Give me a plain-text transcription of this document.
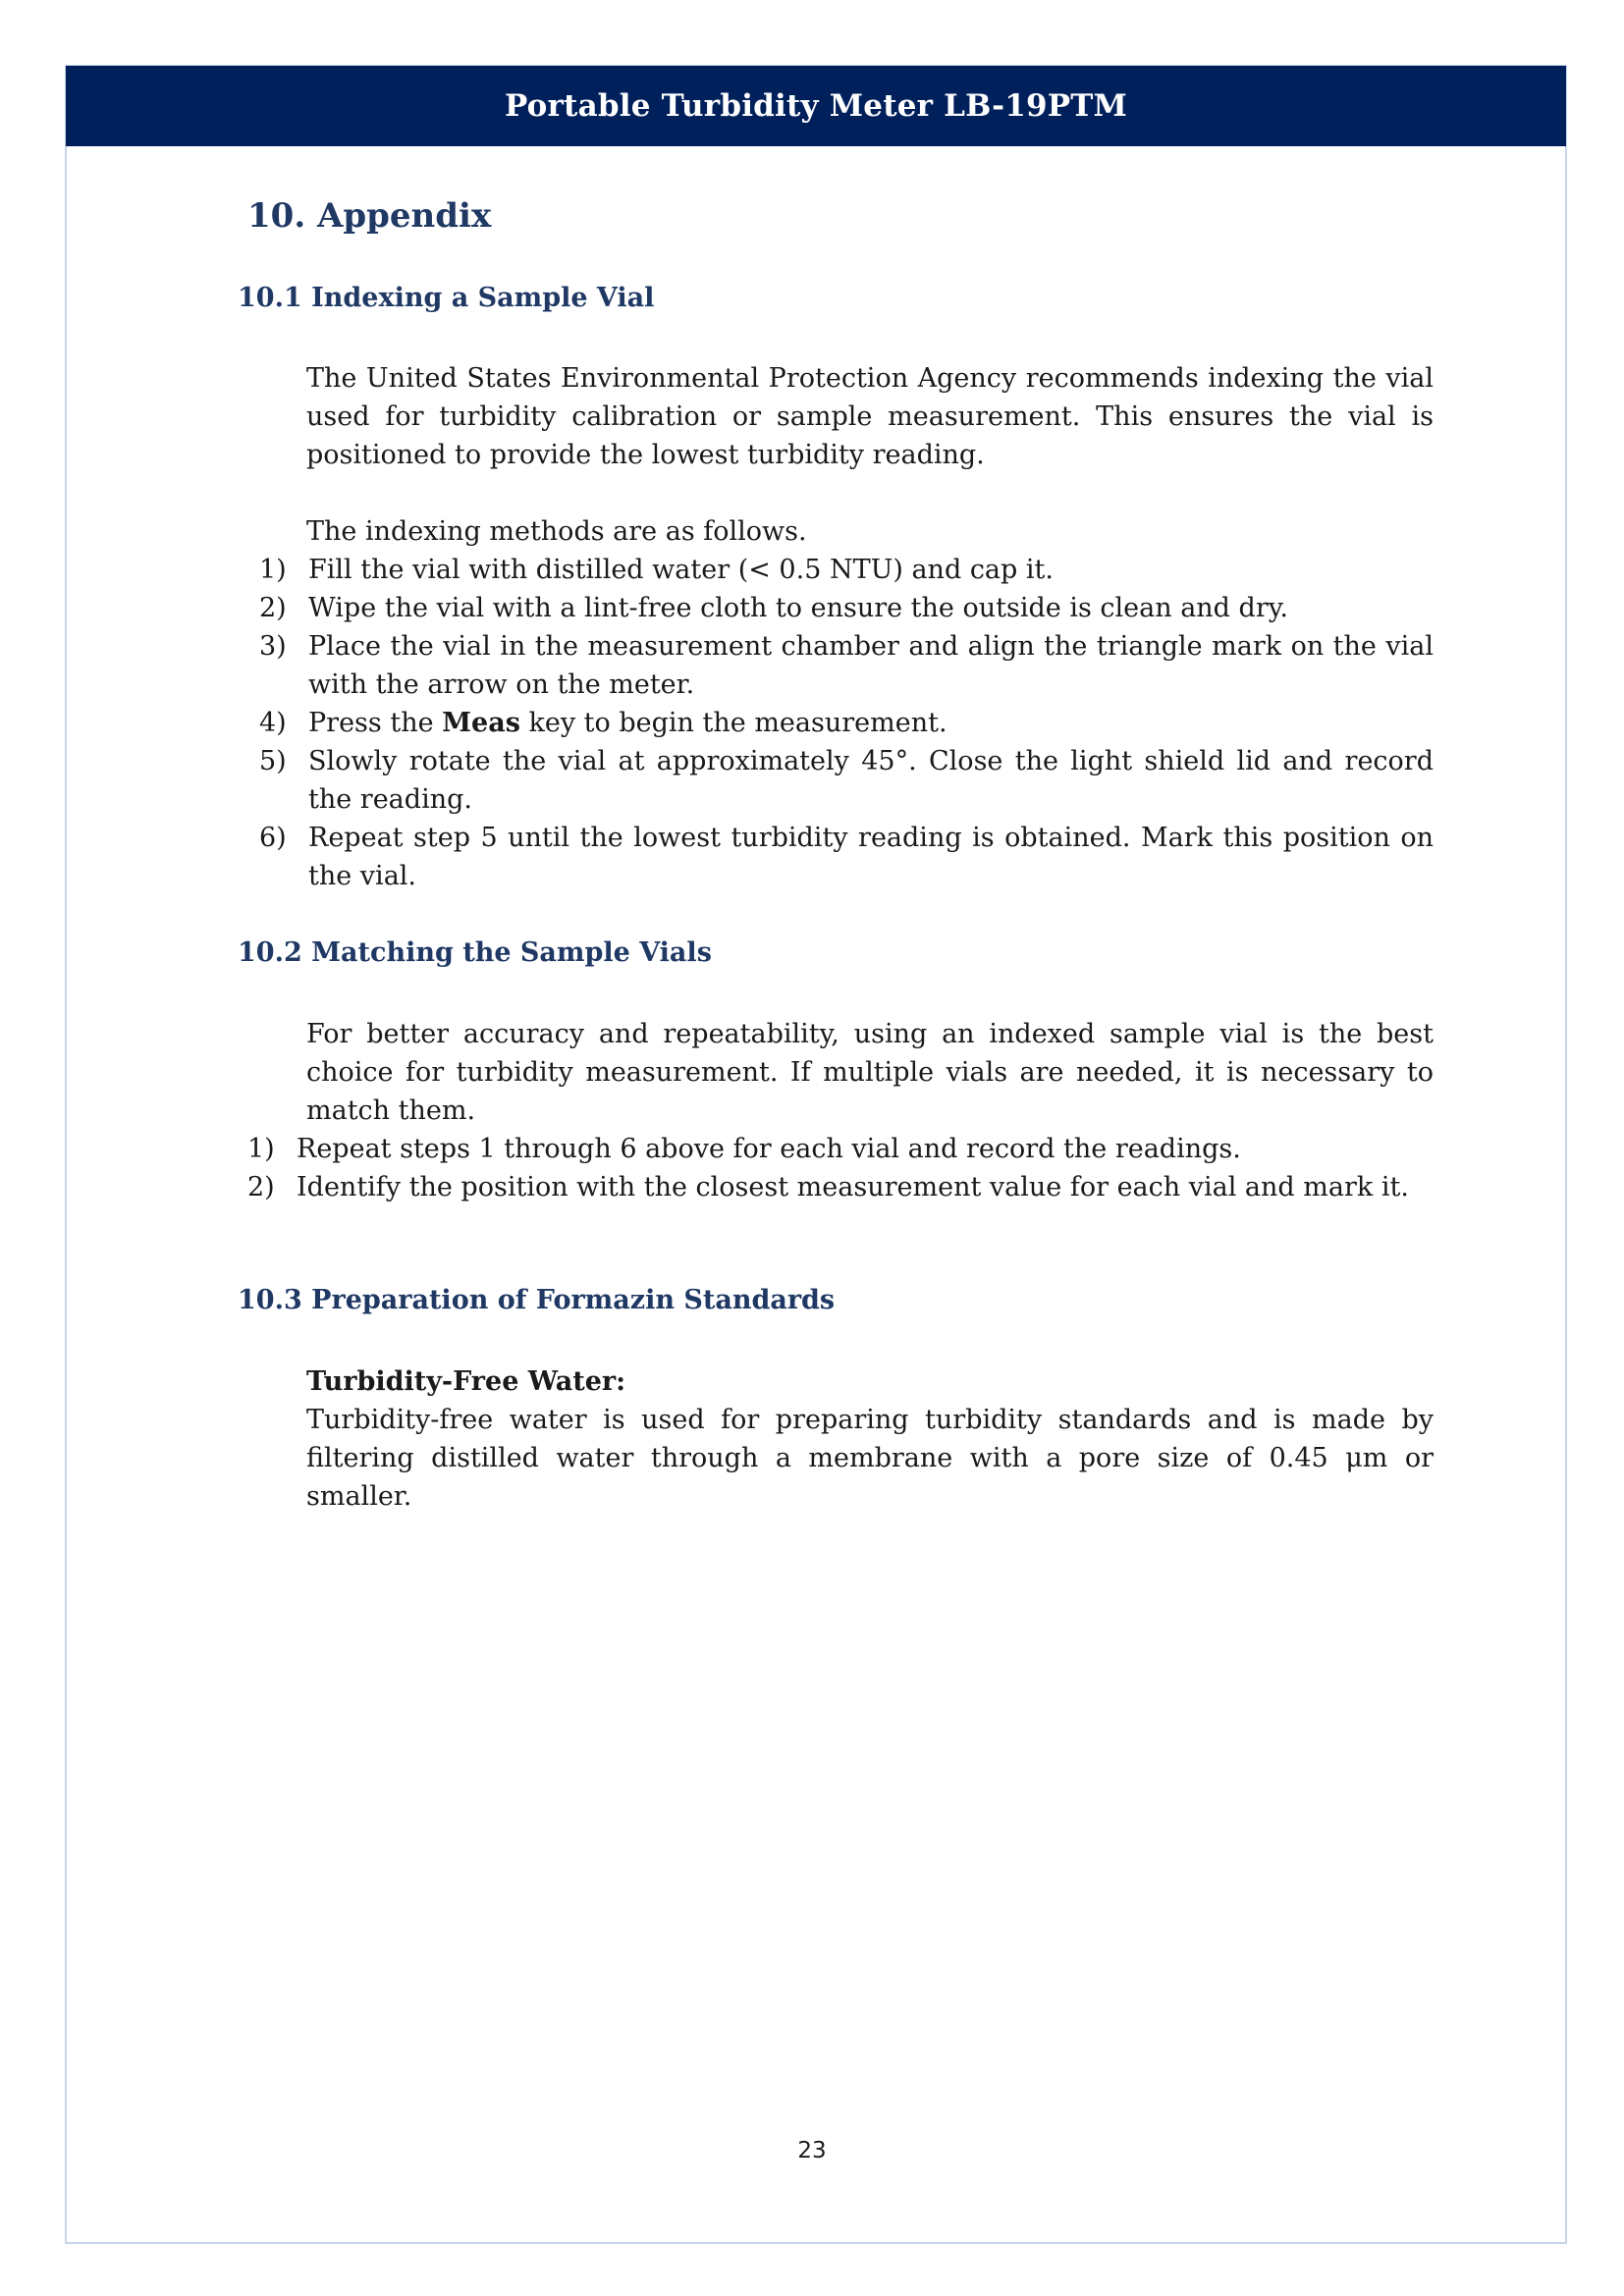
Portable Turbidity Meter LB-19PTM
10. Appendix
10.1 Indexing a Sample Vial
The United States Environmental Protection Agency recommends indexing the vial used for turbidity calibration or sample measurement. This ensures the vial is positioned to provide the lowest turbidity reading.
The indexing methods are as follows.
1) Fill the vial with distilled water (< 0.5 NTU) and cap it.
2) Wipe the vial with a lint-free cloth to ensure the outside is clean and dry.
3) Place the vial in the measurement chamber and align the triangle mark on the vial with the arrow on the meter.
4) Press the Meas key to begin the measurement.
5) Slowly rotate the vial at approximately 45°. Close the light shield lid and record the reading.
6) Repeat step 5 until the lowest turbidity reading is obtained. Mark this position on the vial.
10.2 Matching the Sample Vials
For better accuracy and repeatability, using an indexed sample vial is the best choice for turbidity measurement. If multiple vials are needed, it is necessary to match them.
1) Repeat steps 1 through 6 above for each vial and record the readings.
2) Identify the position with the closest measurement value for each vial and mark it.
10.3 Preparation of Formazin Standards
Turbidity-Free Water:
Turbidity-free water is used for preparing turbidity standards and is made by filtering distilled water through a membrane with a pore size of 0.45 μm or smaller.
23
